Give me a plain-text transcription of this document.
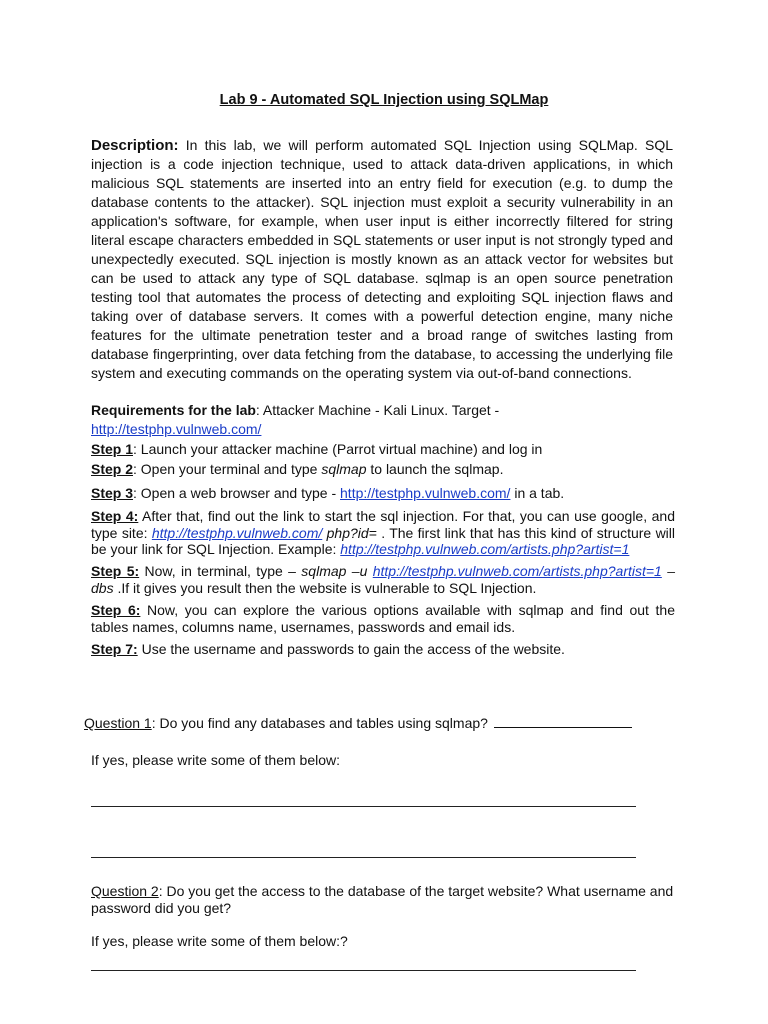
Lab 9 - Automated SQL Injection using SQLMap
Description: In this lab, we will perform automated SQL Injection using SQLMap. SQL injection is a code injection technique, used to attack data-driven applications, in which malicious SQL statements are inserted into an entry field for execution (e.g. to dump the database contents to the attacker). SQL injection must exploit a security vulnerability in an application's software, for example, when user input is either incorrectly filtered for string literal escape characters embedded in SQL statements or user input is not strongly typed and unexpectedly executed. SQL injection is mostly known as an attack vector for websites but can be used to attack any type of SQL database. sqlmap is an open source penetration testing tool that automates the process of detecting and exploiting SQL injection flaws and taking over of database servers. It comes with a powerful detection engine, many niche features for the ultimate penetration tester and a broad range of switches lasting from database fingerprinting, over data fetching from the database, to accessing the underlying file system and executing commands on the operating system via out-of-band connections.
Requirements for the lab: Attacker Machine - Kali Linux. Target - http://testphp.vulnweb.com/
Step 1: Launch your attacker machine (Parrot virtual machine) and log in
Step 2: Open your terminal and type sqlmap to launch the sqlmap.
Step 3: Open a web browser and type - http://testphp.vulnweb.com/ in a tab.
Step 4: After that, find out the link to start the sql injection. For that, you can use google, and type site: http://testphp.vulnweb.com/ php?id= . The first link that has this kind of structure will be your link for SQL Injection. Example: http://testphp.vulnweb.com/artists.php?artist=1
Step 5: Now, in terminal, type – sqlmap –u http://testphp.vulnweb.com/artists.php?artist=1 –dbs .If it gives you result then the website is vulnerable to SQL Injection.
Step 6: Now, you can explore the various options available with sqlmap and find out the tables names, columns name, usernames, passwords and email ids.
Step 7: Use the username and passwords to gain the access of the website.
Question 1: Do you find any databases and tables using sqlmap?
If yes, please write some of them below:
Question 2: Do you get the access to the database of the target website? What username and password did you get?
If yes, please write some of them below:?
